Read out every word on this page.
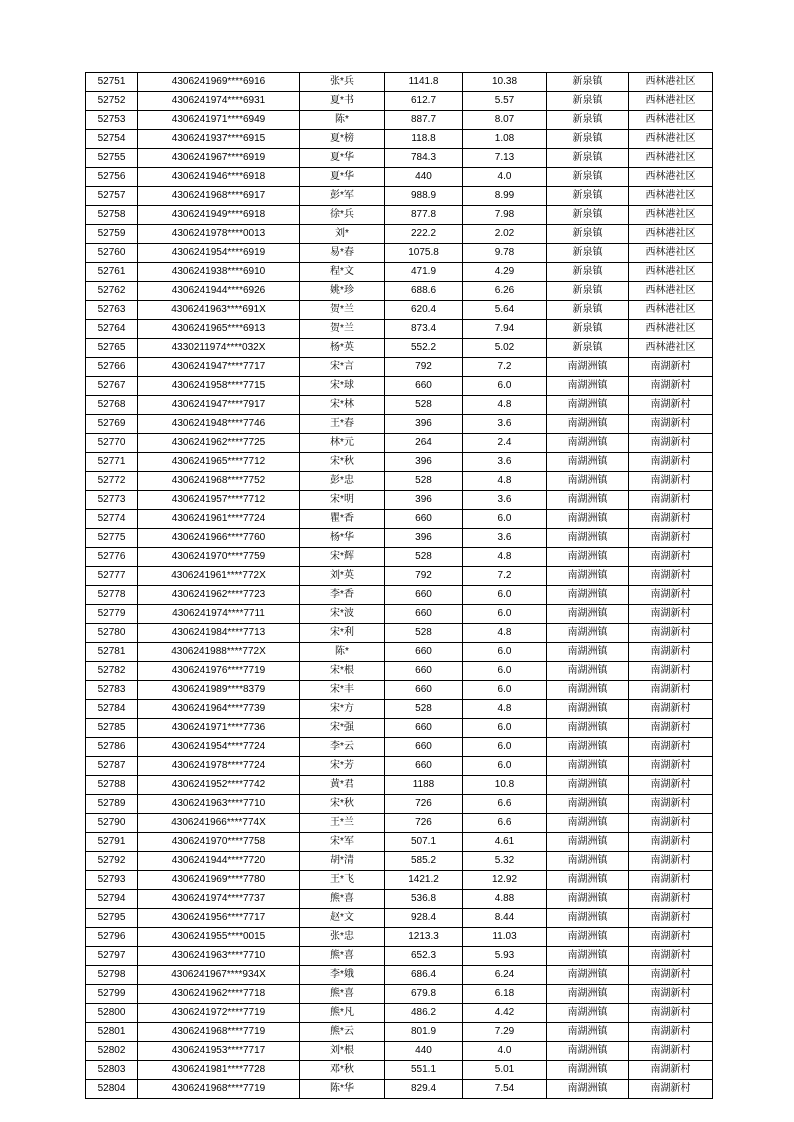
52751	4306241969****6916	张*兵	1141.8	10.38	新泉镇	西林港社区
52752	4306241974****6931	夏*书	612.7	5.57	新泉镇	西林港社区
52753	4306241971****6949	陈*	887.7	8.07	新泉镇	西林港社区
52754	4306241937****6915	夏*榜	118.8	1.08	新泉镇	西林港社区
52755	4306241967****6919	夏*华	784.3	7.13	新泉镇	西林港社区
52756	4306241946****6918	夏*华	440	4.0	新泉镇	西林港社区
52757	4306241968****6917	彭*军	988.9	8.99	新泉镇	西林港社区
52758	4306241949****6918	徐*兵	877.8	7.98	新泉镇	西林港社区
52759	4306241978****0013	刘*	222.2	2.02	新泉镇	西林港社区
52760	4306241954****6919	易*春	1075.8	9.78	新泉镇	西林港社区
52761	4306241938****6910	程*文	471.9	4.29	新泉镇	西林港社区
52762	4306241944****6926	姚*珍	688.6	6.26	新泉镇	西林港社区
52763	4306241963****691X	贺*兰	620.4	5.64	新泉镇	西林港社区
52764	4306241965****6913	贺*兰	873.4	7.94	新泉镇	西林港社区
52765	4330211974****032X	杨*英	552.2	5.02	新泉镇	西林港社区
52766	4306241947****7717	宋*言	792	7.2	南湖洲镇	南湖新村
52767	4306241958****7715	宋*球	660	6.0	南湖洲镇	南湖新村
52768	4306241947****7917	宋*林	528	4.8	南湖洲镇	南湖新村
52769	4306241948****7746	王*春	396	3.6	南湖洲镇	南湖新村
52770	4306241962****7725	林*元	264	2.4	南湖洲镇	南湖新村
52771	4306241965****7712	宋*秋	396	3.6	南湖洲镇	南湖新村
52772	4306241968****7752	彭*忠	528	4.8	南湖洲镇	南湖新村
52773	4306241957****7712	宋*明	396	3.6	南湖洲镇	南湖新村
52774	4306241961****7724	瞿*香	660	6.0	南湖洲镇	南湖新村
52775	4306241966****7760	杨*华	396	3.6	南湖洲镇	南湖新村
52776	4306241970****7759	宋*辉	528	4.8	南湖洲镇	南湖新村
52777	4306241961****772X	刘*英	792	7.2	南湖洲镇	南湖新村
52778	4306241962****7723	李*香	660	6.0	南湖洲镇	南湖新村
52779	4306241974****7711	宋*波	660	6.0	南湖洲镇	南湖新村
52780	4306241984****7713	宋*利	528	4.8	南湖洲镇	南湖新村
52781	4306241988****772X	陈*	660	6.0	南湖洲镇	南湖新村
52782	4306241976****7719	宋*根	660	6.0	南湖洲镇	南湖新村
52783	4306241989****8379	宋*丰	660	6.0	南湖洲镇	南湖新村
52784	4306241964****7739	宋*方	528	4.8	南湖洲镇	南湖新村
52785	4306241971****7736	宋*强	660	6.0	南湖洲镇	南湖新村
52786	4306241954****7724	李*云	660	6.0	南湖洲镇	南湖新村
52787	4306241978****7724	宋*芳	660	6.0	南湖洲镇	南湖新村
52788	4306241952****7742	黄*君	1188	10.8	南湖洲镇	南湖新村
52789	4306241963****7710	宋*秋	726	6.6	南湖洲镇	南湖新村
52790	4306241966****774X	王*兰	726	6.6	南湖洲镇	南湖新村
52791	4306241970****7758	宋*军	507.1	4.61	南湖洲镇	南湖新村
52792	4306241944****7720	胡*清	585.2	5.32	南湖洲镇	南湖新村
52793	4306241969****7780	王*飞	1421.2	12.92	南湖洲镇	南湖新村
52794	4306241974****7737	熊*喜	536.8	4.88	南湖洲镇	南湖新村
52795	4306241956****7717	赵*文	928.4	8.44	南湖洲镇	南湖新村
52796	4306241955****0015	张*忠	1213.3	11.03	南湖洲镇	南湖新村
52797	4306241963****7710	熊*喜	652.3	5.93	南湖洲镇	南湖新村
52798	4306241967****934X	李*娥	686.4	6.24	南湖洲镇	南湖新村
52799	4306241962****7718	熊*喜	679.8	6.18	南湖洲镇	南湖新村
52800	4306241972****7719	熊*凡	486.2	4.42	南湖洲镇	南湖新村
52801	4306241968****7719	熊*云	801.9	7.29	南湖洲镇	南湖新村
52802	4306241953****7717	刘*根	440	4.0	南湖洲镇	南湖新村
52803	4306241981****7728	邓*秋	551.1	5.01	南湖洲镇	南湖新村
52804	4306241968****7719	陈*华	829.4	7.54	南湖洲镇	南湖新村
